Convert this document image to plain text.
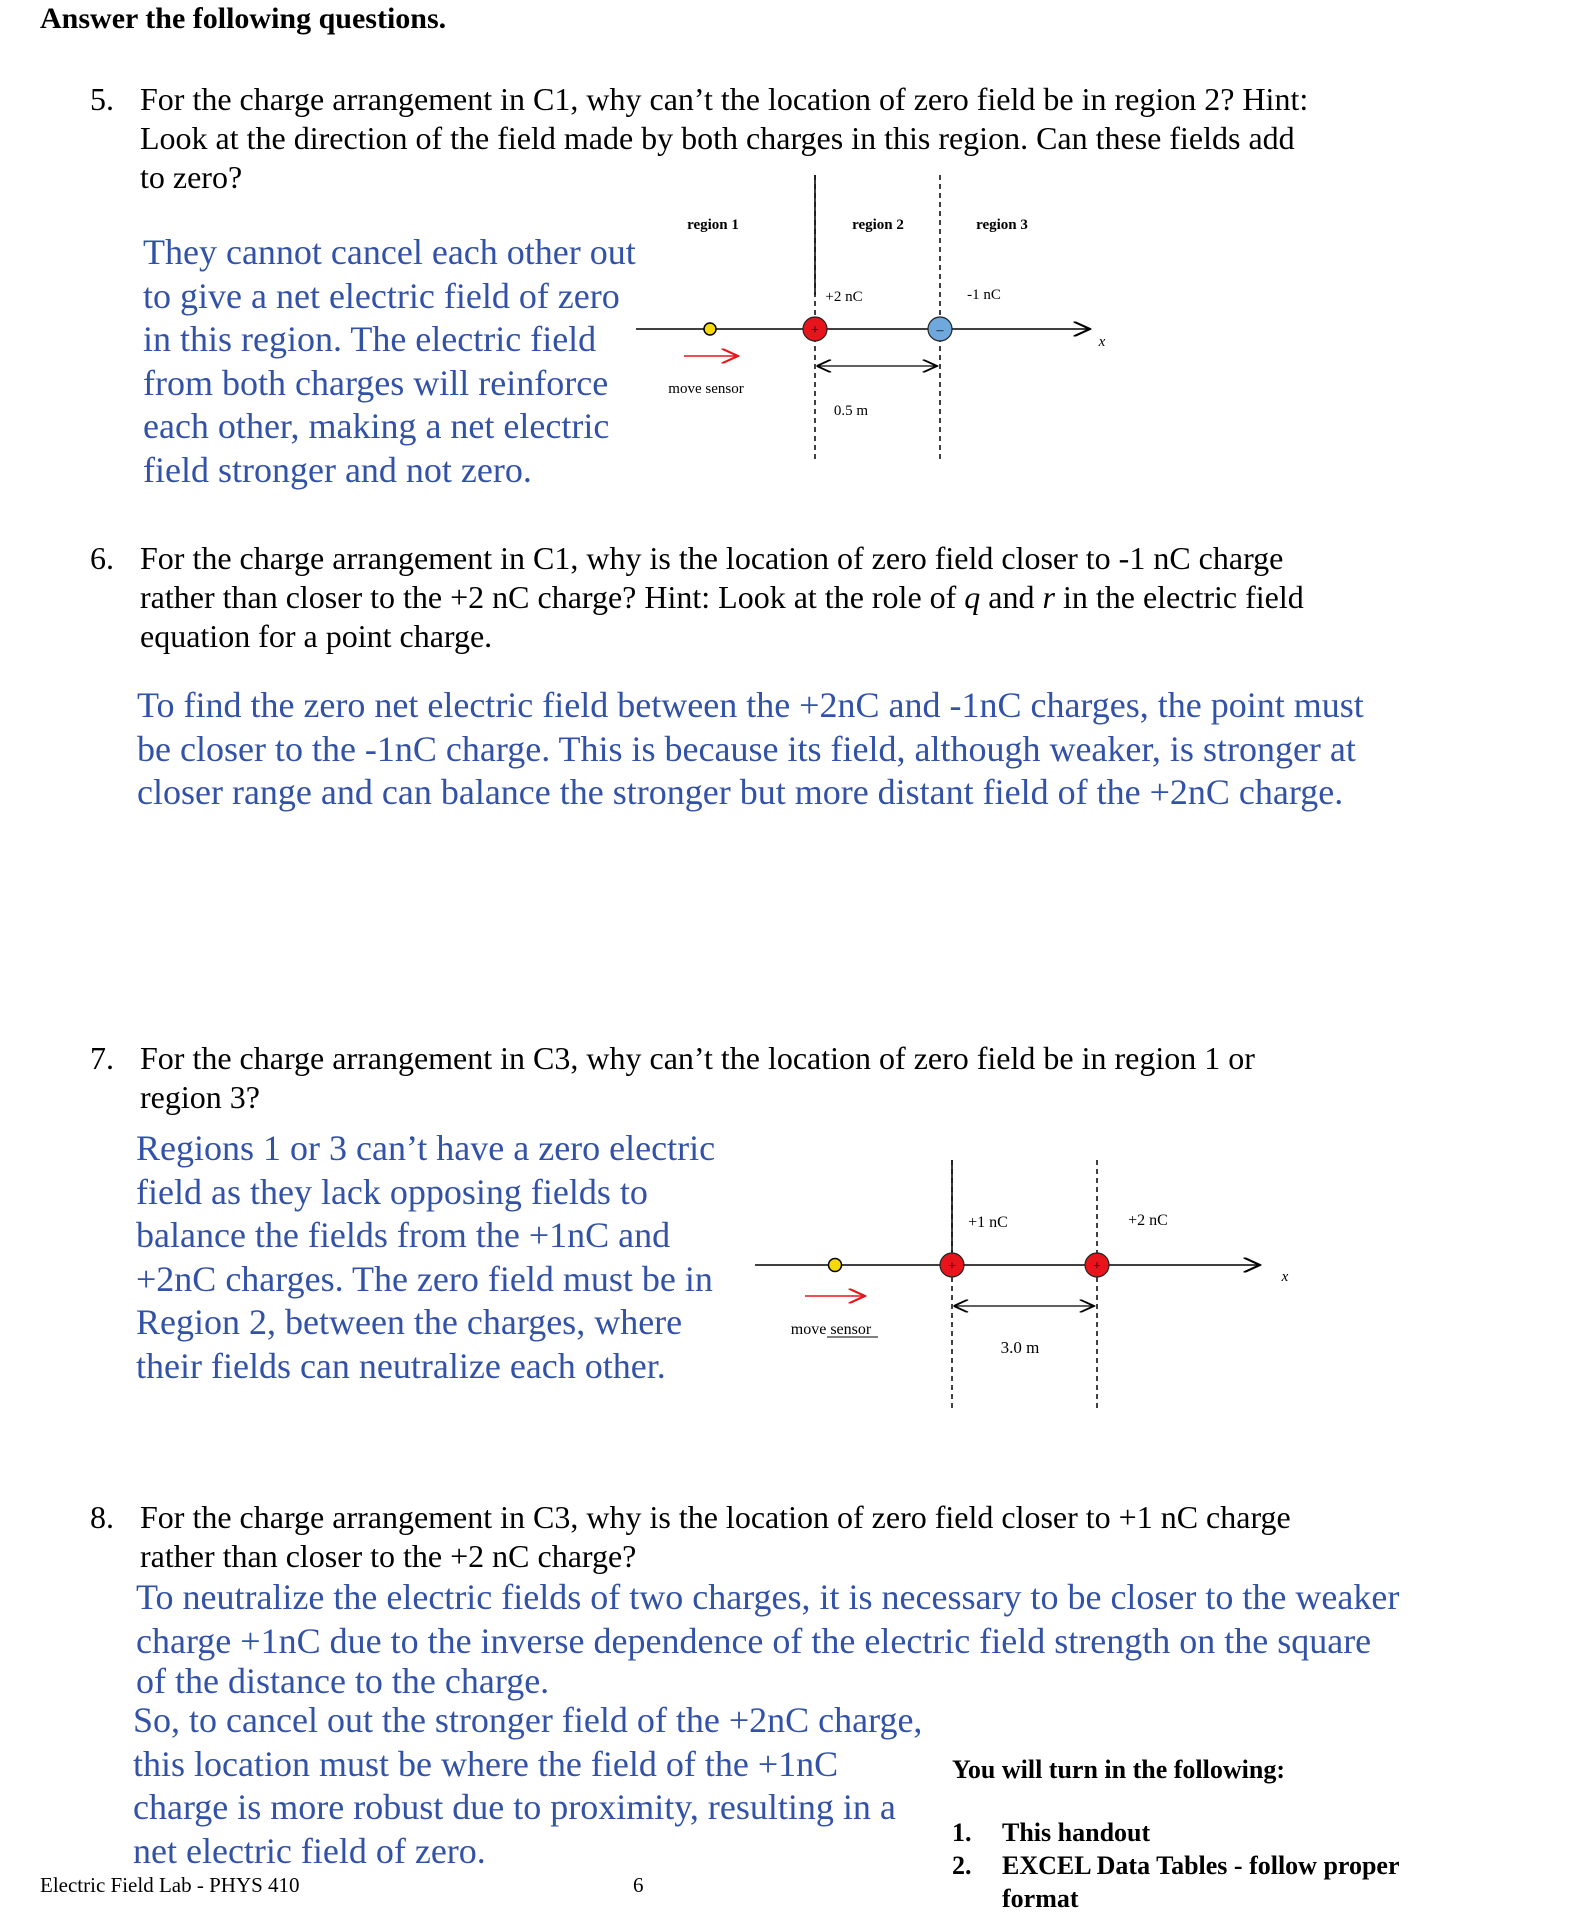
Answer the following questions.
5. For the charge arrangement in C1, why can’t the location of zero field be in region 2? Hint:
Look at the direction of the field made by both charges in this region. Can these fields add
to zero?
They cannot cancel each other out
to give a net electric field of zero
in this region. The electric field
from both charges will reinforce
each other, making a net electric
field stronger and not zero.
region 1	region 2	region 3
+2 nC	-1 nC
x
move sensor
+	–
0.5 m
6. For the charge arrangement in C1, why is the location of zero field closer to -1 nC charge
rather than closer to the +2 nC charge? Hint: Look at the role of q and r in the electric field
equation for a point charge.
To find the zero net electric field between the +2nC and -1nC charges, the point must
be closer to the -1nC charge. This is because its field, although weaker, is stronger at
closer range and can balance the stronger but more distant field of the +2nC charge.
7. For the charge arrangement in C3, why can’t the location of zero field be in region 1 or
region 3?
Regions 1 or 3 can’t have a zero electric
field as they lack opposing fields to
balance the fields from the +1nC and
+2nC charges. The zero field must be in
Region 2, between the charges, where
their fields can neutralize each other.
x
+1 nC	+2 nC
move sensor
+	+
3.0 m
8. For the charge arrangement in C3, why is the location of zero field closer to +1 nC charge
rather than closer to the +2 nC charge?
To neutralize the electric fields of two charges, it is necessary to be closer to the weaker
charge +1nC due to the inverse dependence of the electric field strength on the square
of the distance to the charge.
So, to cancel out the stronger field of the +2nC charge,
this location must be where the field of the +1nC
charge is more robust due to proximity, resulting in a
net electric field of zero.
You will turn in the following:
1. This handout
2. EXCEL Data Tables - follow proper
format
Electric Field Lab - PHYS 410	6
